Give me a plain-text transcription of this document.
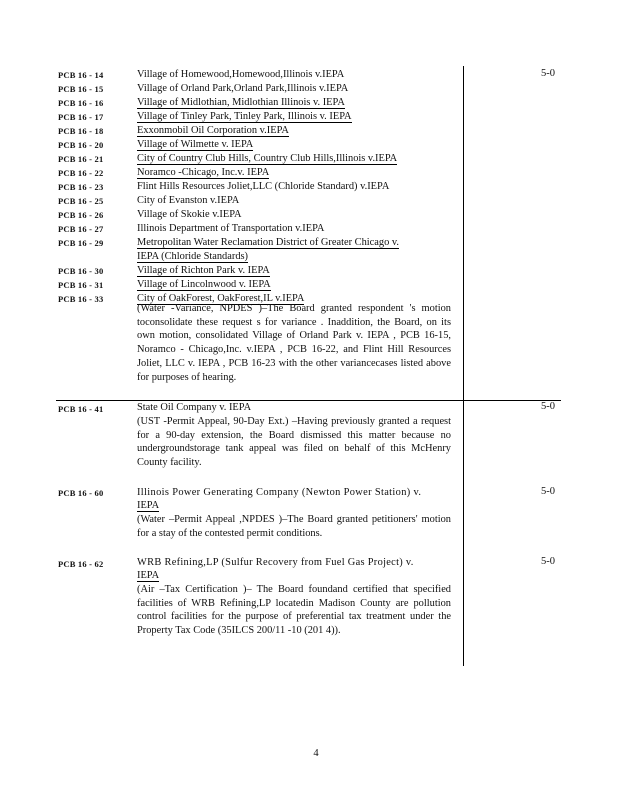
PCB 16 - 14	Village of Homewood,Homewood,Illinois v.IEPA
PCB 16 - 15	Village of Orland Park,Orland Park,Illinois v.IEPA
PCB 16 - 16	Village of Midlothian, Midlothian Illinois v. IEPA
PCB 16 - 17	Village of Tinley Park, Tinley Park, Illinois v. IEPA
PCB 16 - 18	Exxonmobil Oil Corporation v.IEPA
PCB 16 - 20	Village of Wilmette v. IEPA
PCB 16 - 21	City of Country Club Hills, Country Club Hills,Illinois v.IEPA
PCB 16 - 22	Noramco -Chicago, Inc.v. IEPA
PCB 16 - 23	Flint Hills Resources Joliet,LLC (Chloride Standard) v.IEPA
PCB 16 - 25	City of Evanston v.IEPA
PCB 16 - 26	Village of Skokie v.IEPA
PCB 16 - 27	Illinois Department of Transportation v.IEPA
PCB 16 - 29	Metropolitan Water Reclamation District of Greater Chicago v.
IEPA (Chloride Standards)
PCB 16 - 30	Village of Richton Park v. IEPA
PCB 16 - 31	Village of Lincolnwood v. IEPA
PCB 16 - 33	City of OakForest, OakForest,IL v.IEPA
(Water -Variance, NPDES )–The Board granted respondent 's motion toconsolidate these request s for variance . Inaddition, the Board, on its own motion, consolidated Village of Orland Park v. IEPA , PCB 16-15, Noramco - Chicago,Inc. v.IEPA , PCB 16-22, and Flint Hill Resources Joliet, LLC v. IEPA , PCB 16-23 with the other variancecases listed above for purposes of hearing.
5-0
PCB 16 - 41	State Oil Company v. IEPA
(UST -Permit Appeal, 90-Day Ext.) –Having previously granted a request for a 90-day extension, the Board dismissed this matter because no undergroundstorage tank appeal was filed on behalf of this McHenry County facility.
5-0
PCB 16 - 60	Illinois Power Generating Company (Newton Power Station) v.
IEPA
(Water –Permit Appeal ,NPDES )–The Board granted petitioners' motion for a stay of the contested permit conditions.
5-0
PCB 16 - 62	WRB Refining,LP (Sulfur Recovery from Fuel Gas Project) v.
IEPA
(Air –Tax Certification )– The Board foundand certified that specified facilities of WRB Refining,LP locatedin Madison County are pollution control facilities for the purpose of preferential tax treatment under the Property Tax Code (35ILCS 200/11 -10 (201 4)).
5-0
4
